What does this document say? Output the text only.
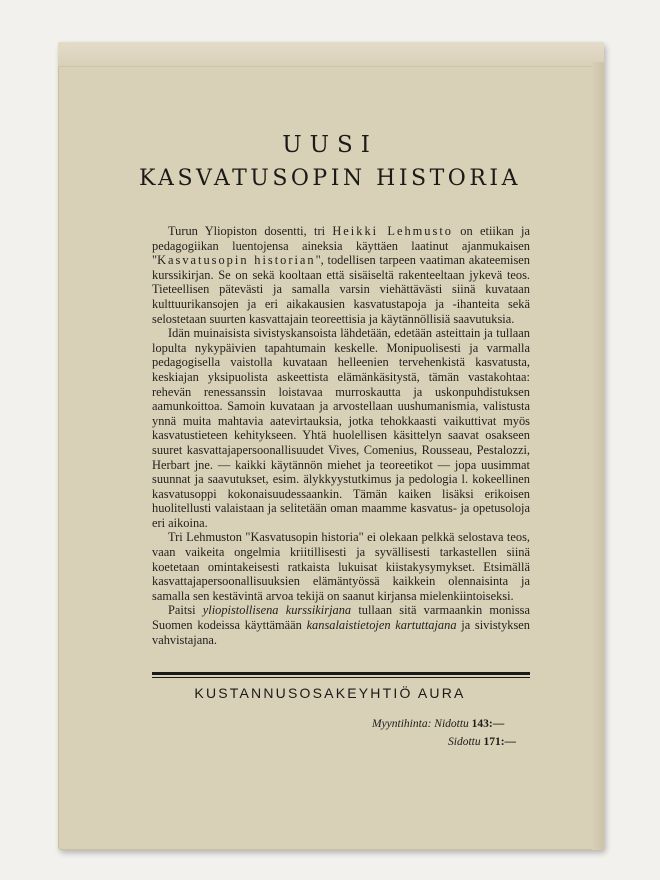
UUSI
KASVATUSOPIN HISTORIA

Turun Yliopiston dosentti, tri Heikki Lehmusto on etiikan ja pedagogiikan luentojensa aineksia käyttäen laatinut ajanmukaisen "Kasvatusopin historian", todellisen tarpeen vaatiman akateemisen kurssikirjan. Se on sekä kooltaan että sisäiseltä rakenteeltaan jykevä teos. Tieteellisen pätevästi ja samalla varsin viehättävästi siinä kuvataan kulttuurikansojen ja eri aikakausien kasvatustapoja ja -ihanteita sekä selostetaan suurten kasvattajain teoreettisia ja käytännöllisiä saavutuksia.

Idän muinaisista sivistyskansoista lähdetään, edetään asteittain ja tullaan lopulta nykypäivien tapahtumain keskelle. Monipuolisesti ja varmalla pedagogisella vaistolla kuvataan helleenien tervehenkistä kasvatusta, keskiajan yksipuolista askeettista elämänkäsitystä, tämän vastakohtaa: rehevän renessanssin loistavaa murroskautta ja uskonpuhdistuksen aamunkoittoa. Samoin kuvataan ja arvostellaan uushumanismia, valistusta ynnä muita mahtavia aatevirtauksia, jotka tehokkaasti vaikuttivat myös kasvatustieteen kehitykseen. Yhtä huolellisen käsittelyn saavat osakseen suuret kasvattajapersoonallisuudet Vives, Comenius, Rousseau, Pestalozzi, Herbart jne. — kaikki käytännön miehet ja teoreetikot — jopa uusimmat suunnat ja saavutukset, esim. älykkyystutkimus ja pedologia l. kokeellinen kasvatusoppi kokonaisuudessaankin. Tämän kaiken lisäksi erikoisen huolitellusti valaistaan ja selitetään oman maamme kasvatus- ja opetusoloja eri aikoina.

Tri Lehmuston "Kasvatusopin historia" ei olekaan pelkkä selostava teos, vaan vaikeita ongelmia kriitillisesti ja syvällisesti tarkastellen siinä koetetaan omintakeisesti ratkaista lukuisat kiistakysymykset. Etsimällä kasvattajapersoonallisuuksien elämäntyössä kaikkein olennaisinta ja samalla sen kestävintä arvoa tekijä on saanut kirjansa mielenkiintoiseksi.

Paitsi yliopistollisena kurssikirjana tullaan sitä varmaankin monissa Suomen kodeissa käyttämään kansalaistietojen kartuttajana ja sivistyksen vahvistajana.

KUSTANNUSOSAKEYHTIÖ AURA
Myyntihinta: Nidottu 143:—
Sidottu 171:—
